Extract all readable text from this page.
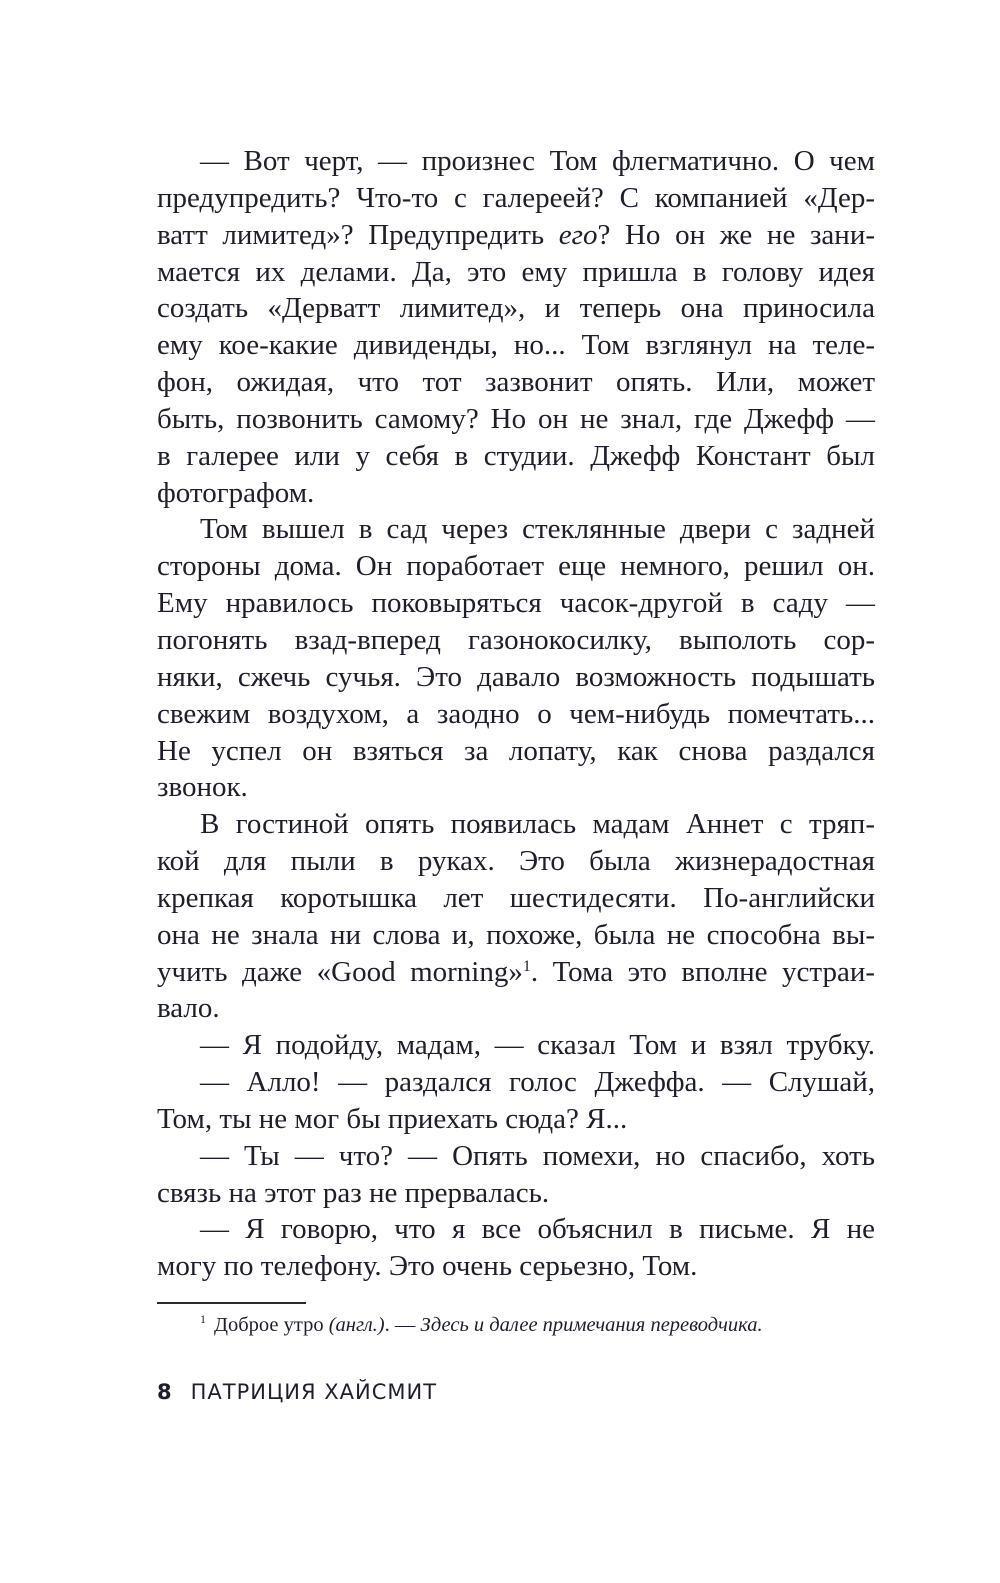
— Вот черт, — произнес Том флегматично. О чем
предупредить? Что-то с галереей? С компанией «Дер-
ватт лимитед»? Предупредить его? Но он же не зани-
мается их делами. Да, это ему пришла в голову идея
создать «Дерватт лимитед», и теперь она приносила
ему кое-какие дивиденды, но... Том взглянул на теле-
фон, ожидая, что тот зазвонит опять. Или, может
быть, позвонить самому? Но он не знал, где Джефф —
в галерее или у себя в студии. Джефф Констант был
фотографом.
Том вышел в сад через стеклянные двери с задней
стороны дома. Он поработает еще немного, решил он.
Ему нравилось поковыряться часок-другой в саду —
погонять взад-вперед газонокосилку, выполоть сор-
няки, сжечь сучья. Это давало возможность подышать
свежим воздухом, а заодно о чем-нибудь помечтать...
Не успел он взяться за лопату, как снова раздался
звонок.
В гостиной опять появилась мадам Аннет с тряп-
кой для пыли в руках. Это была жизнерадостная
крепкая коротышка лет шестидесяти. По-английски
она не знала ни слова и, похоже, была не способна вы-
учить даже «Good morning»$^1$. Тома это вполне устраи-
вало.
— Я подойду, мадам, — сказал Том и взял трубку.
— Алло! — раздался голос Джеффа. — Слушай,
Том, ты не мог бы приехать сюда? Я...
— Ты — что? — Опять помехи, но спасибо, хоть
связь на этот раз не прервалась.
— Я говорю, что я все объяснил в письме. Я не
могу по телефону. Это очень серьезно, Том.
$^1$ Доброе утро (англ.). — Здесь и далее примечания переводчика.
8 ПАТРИЦИЯ ХАЙСМИТ
